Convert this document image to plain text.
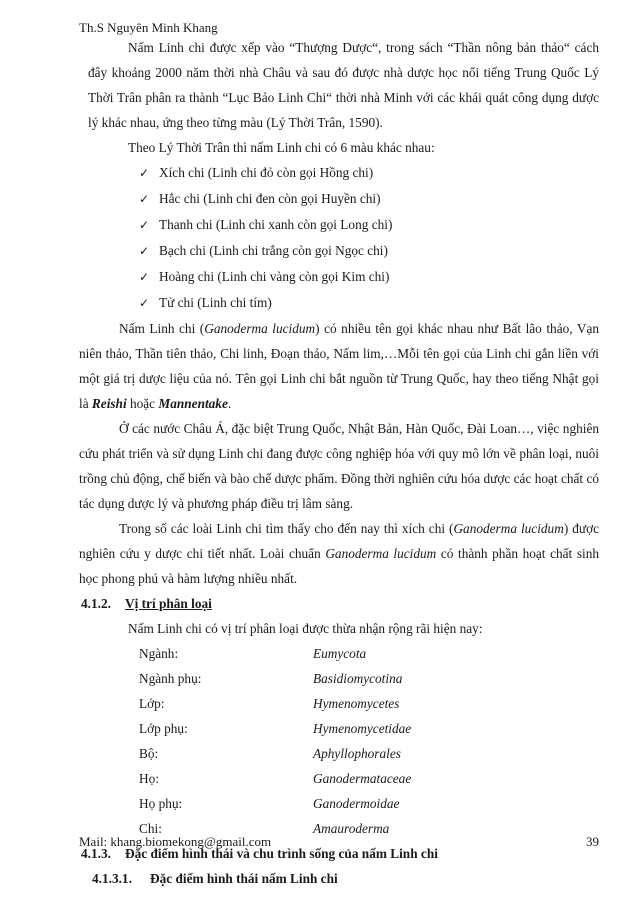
Th.S Nguyên Minh Khang

Nấm Linh chi được xếp vào “Thượng Dược“, trong sách “Thần nông bản thảo“ cách đây khoảng 2000 năm thời nhà Châu và sau đó được nhà dược học nổi tiếng Trung Quốc Lý Thời Trân phân ra thành “Lục Bảo Linh Chi“ thời nhà Minh với các khái quát công dụng dược lý khác nhau, ứng theo từng màu (Lý Thời Trân, 1590).

Theo Lý Thời Trân thì nấm Linh chi có 6 màu khác nhau:

✓ Xích chi (Linh chi đỏ còn gọi Hồng chi)
✓ Hắc chi (Linh chi đen còn gọi Huyền chi)
✓ Thanh chi (Linh chi xanh còn gọi Long chi)
✓ Bạch chi (Linh chi trắng còn gọi Ngọc chi)
✓ Hoàng chi (Linh chi vàng còn gọi Kim chi)
✓ Tử chi (Linh chi tím)

Nấm Linh chi (Ganoderma lucidum) có nhiều tên gọi khác nhau như Bất lão thảo, Vạn niên thảo, Thần tiên thảo, Chi linh, Đoạn thảo, Nấm lim,…Mỗi tên gọi của Linh chi gắn liền với một giá trị dược liệu của nó. Tên gọi Linh chi bắt nguồn từ Trung Quốc, hay theo tiếng Nhật gọi là Reishi hoặc Mannentake.

Ở các nước Châu Á, đặc biệt Trung Quốc, Nhật Bản, Hàn Quốc, Đài Loan…, việc nghiên cứu phát triển và sử dụng Linh chi đang được công nghiệp hóa với quy mô lớn về phân loại, nuôi trồng chủ động, chế biến và bào chế dược phẩm. Đồng thời nghiên cứu hóa dược các hoạt chất có tác dụng dược lý và phương pháp điều trị lâm sàng.

Trong số các loài Linh chi tìm thấy cho đến nay thì xích chi (Ganoderma lucidum) được nghiên cứu y dược chi tiết nhất. Loài chuẩn Ganoderma lucidum có thành phần hoạt chất sinh học phong phú và hàm lượng nhiều nhất.

4.1.2. Vị trí phân loại

Nấm Linh chi có vị trí phân loại được thừa nhận rộng rãi hiện nay:

Ngành:	Eumycota
Ngành phụ:	Basidiomycotina
Lớp:	Hymenomycetes
Lớp phụ:	Hymenomycetidae
Bộ:	Aphyllophorales
Họ:	Ganodermataceae
Họ phụ:	Ganodermoidae
Chi:	Amauroderma
4.1.3. Đặc điểm hình thái và chu trình sống của nấm Linh chi
4.1.3.1. Đặc điểm hình thái nấm Linh chi
Mail: khang.biomekong@gmail.com	39
